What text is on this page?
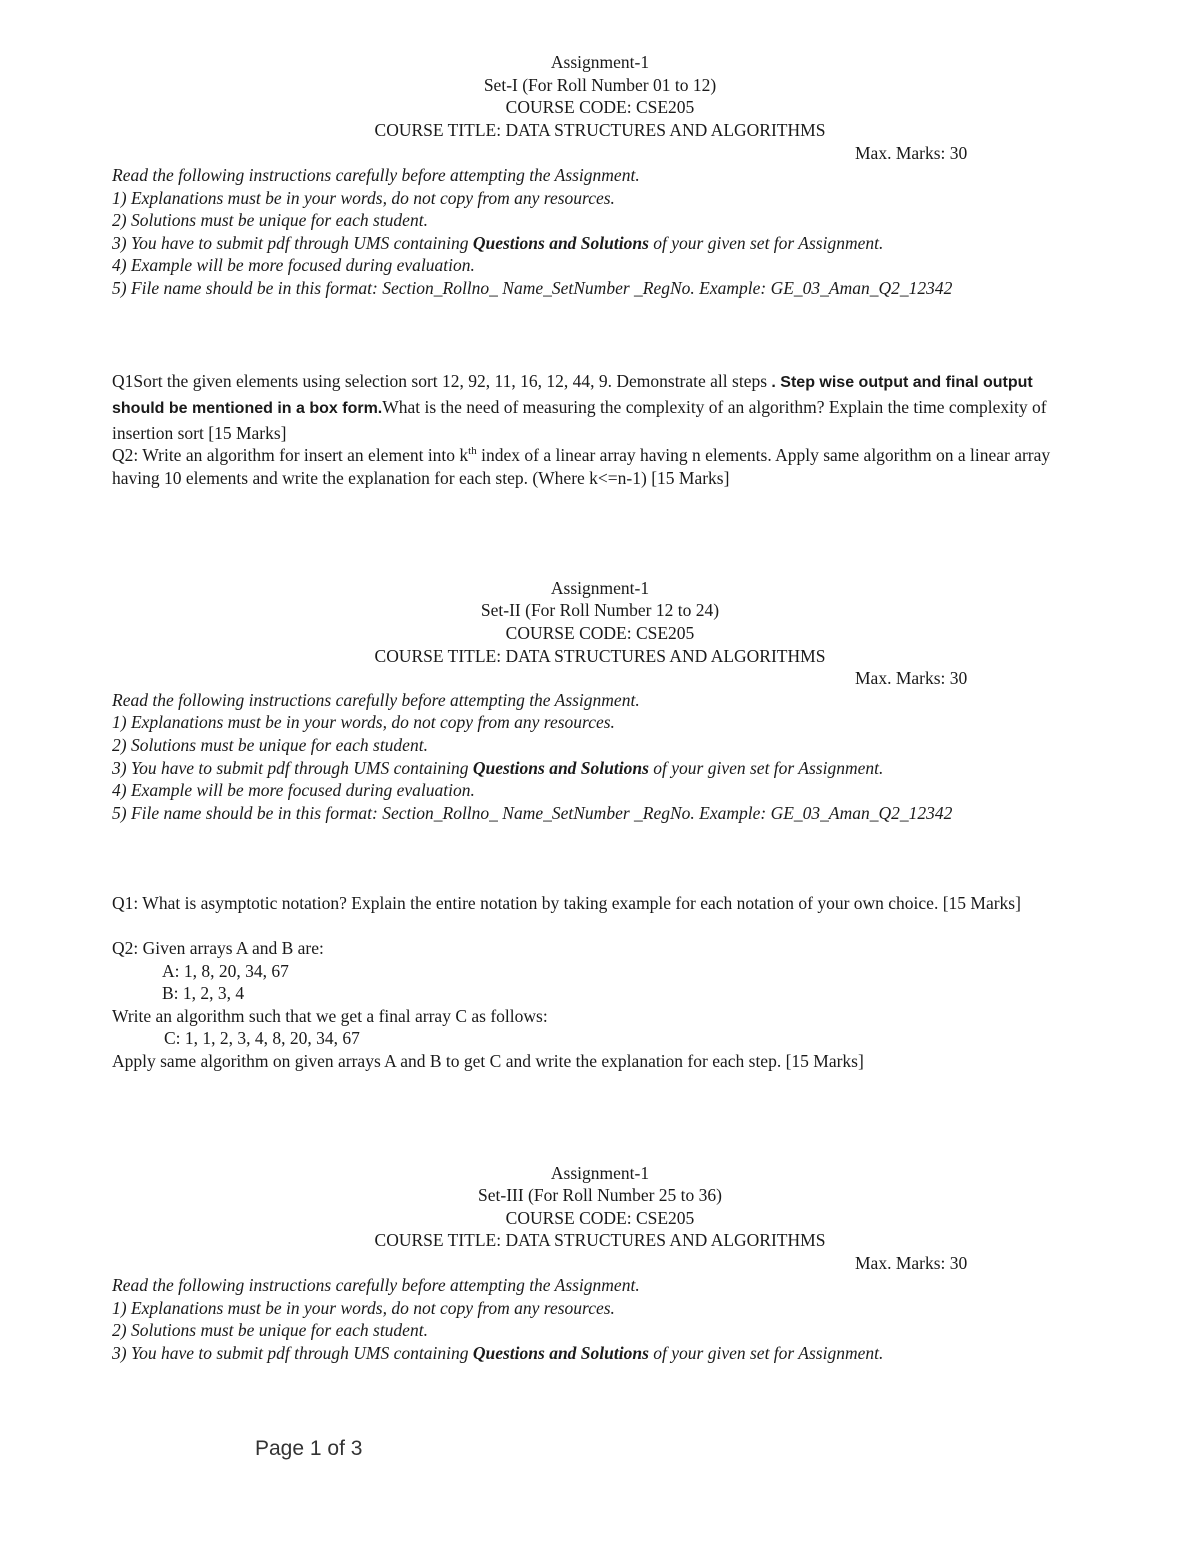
Assignment-1
Set-I (For Roll Number 01 to 12)
COURSE CODE: CSE205
COURSE TITLE: DATA STRUCTURES AND ALGORITHMS
Max. Marks: 30
Read the following instructions carefully before attempting the Assignment.
1) Explanations must be in your words, do not copy from any resources.
2) Solutions must be unique for each student.
3) You have to submit pdf through UMS containing Questions and Solutions of your given set for Assignment.
4) Example will be more focused during evaluation.
5) File name should be in this format: Section_Rollno_ Name_SetNumber _RegNo. Example: GE_03_Aman_Q2_12342
Q1Sort the given elements using selection sort 12, 92, 11, 16, 12, 44, 9. Demonstrate all steps . Step wise output and final output should be mentioned in a box form.What is the need of measuring the complexity of an algorithm? Explain the time complexity of insertion sort [15 Marks]
Q2: Write an algorithm for insert an element into $k^{th}$ index of a linear array having n elements. Apply same algorithm on a linear array having 10 elements and write the explanation for each step. (Where k<=n-1) [15 Marks]
Assignment-1
Set-II (For Roll Number 12 to 24)
COURSE CODE: CSE205
COURSE TITLE: DATA STRUCTURES AND ALGORITHMS
Max. Marks: 30
Read the following instructions carefully before attempting the Assignment.
1) Explanations must be in your words, do not copy from any resources.
2) Solutions must be unique for each student.
3) You have to submit pdf through UMS containing Questions and Solutions of your given set for Assignment.
4) Example will be more focused during evaluation.
5) File name should be in this format: Section_Rollno_ Name_SetNumber _RegNo. Example: GE_03_Aman_Q2_12342
Q1: What is asymptotic notation? Explain the entire notation by taking example for each notation of your own choice. [15 Marks]
Q2: Given arrays A and B are:
A: 1, 8, 20, 34, 67
B: 1, 2, 3, 4
Write an algorithm such that we get a final array C as follows:
C: 1, 1, 2, 3, 4, 8, 20, 34, 67
Apply same algorithm on given arrays A and B to get C and write the explanation for each step. [15 Marks]
Assignment-1
Set-III (For Roll Number 25 to 36)
COURSE CODE: CSE205
COURSE TITLE: DATA STRUCTURES AND ALGORITHMS
Max. Marks: 30
Read the following instructions carefully before attempting the Assignment.
1) Explanations must be in your words, do not copy from any resources.
2) Solutions must be unique for each student.
3) You have to submit pdf through UMS containing Questions and Solutions of your given set for Assignment.
Page 1 of 3
